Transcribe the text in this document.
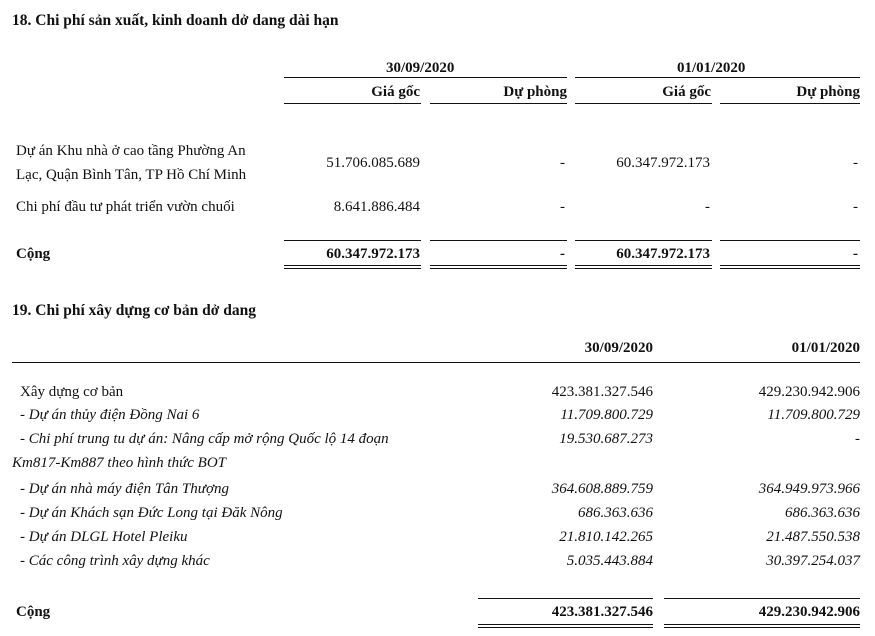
18. Chi phí sản xuất, kinh doanh dở dang dài hạn
30/09/2020	01/01/2020
Giá gốc	Dự phòng	Giá gốc	Dự phòng
Dự án Khu nhà ở cao tầng Phường An
Lạc, Quận Bình Tân, TP Hồ Chí Minh
51.706.085.689	-	60.347.972.173	-
Chi phí đầu tư phát triển vườn chuối	8.641.886.484	-	-	-
Cộng	60.347.972.173	-	60.347.972.173	-
19. Chi phí xây dựng cơ bản dở dang
30/09/2020	01/01/2020
Xây dựng cơ bản	423.381.327.546	429.230.942.906
- Dự án thủy điện Đồng Nai 6	11.709.800.729	11.709.800.729
- Chi phí trung tu dự án: Nâng cấp mở rộng Quốc lộ 14 đoạn
Km817-Km887 theo hình thức BOT
19.530.687.273	-
- Dự án nhà máy điện Tân Thượng	364.608.889.759	364.949.973.966
- Dự án Khách sạn Đức Long tại Đăk Nông	686.363.636	686.363.636
- Dự án DLGL Hotel Pleiku	21.810.142.265	21.487.550.538
- Các công trình xây dựng khác	5.035.443.884	30.397.254.037
Cộng	423.381.327.546	429.230.942.906
